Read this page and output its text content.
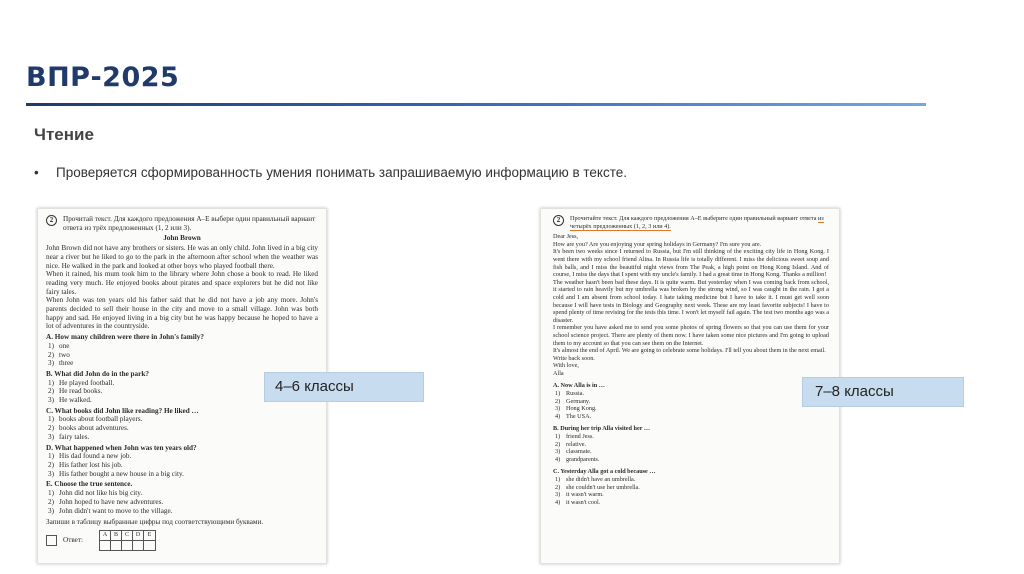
ВПР-2025
Чтение
•	Проверяется сформированность умения понимать запрашиваемую информацию в тексте.
2	Прочитай текст. Для каждого предложения A–E выбери один правильный вариант ответа из трёх предложенных (1, 2 или 3).
John Brown
John Brown did not have any brothers or sisters. He was an only child. John lived in a big city near a river but he liked to go to the park in the afternoon after school when the weather was nice. He walked in the park and looked at other boys who played football there.
When it rained, his mum took him to the library where John chose a book to read. He liked reading very much. He enjoyed books about pirates and space explorers but he did not like fairy tales.
When John was ten years old his father said that he did not have a job any more. John's parents decided to sell their house in the city and move to a small village. John was both happy and sad. He enjoyed living in a big city but he was happy because he hoped to have a lot of adventures in the countryside.
A. How many children were there in John's family?
1) one
2) two
3) three
B. What did John do in the park?
1) He played football.
2) He read books.
3) He walked.
C. What books did John like reading? He liked …
1) books about football players.
2) books about adventures.
3) fairy tales.
D. What happened when John was ten years old?
1) His dad found a new job.
2) His father lost his job.
3) His father bought a new house in a big city.
E. Choose the true sentence.
1) John did not like his big city.
2) John hoped to have new adventures.
3) John didn't want to move to the village.
Запиши в таблицу выбранные цифры под соответствующими буквами.
Ответ:
A	B	C	D	E
2	Прочитайте текст. Для каждого предложения A–E выберите один правильный вариант ответа из четырёх предложенных (1, 2, 3 или 4).
Dear Jess,
How are you? Are you enjoying your spring holidays in Germany? I'm sure you are.
It's been two weeks since I returned to Russia, but I'm still thinking of the exciting city life in Hong Kong. I went there with my school friend Alina. In Russia life is totally different. I miss the delicious sweet soup and fish balls, and I miss the beautiful night views from The Peak, a high point on Hong Kong Island. And of course, I miss the days that I spent with my uncle's family. I had a great time in Hong Kong. Thanks a million!
The weather hasn't been bad these days. It is quite warm. But yesterday when I was coming back from school, it started to rain heavily but my umbrella was broken by the strong wind, so I was caught in the rain. I got a cold and I am absent from school today. I hate taking medicine but I have to take it. I must get well soon because I will have tests in Biology and Geography next week. These are my least favorite subjects! I have to spend plenty of time revising for the tests this time. I won't let myself fail again. The test two months ago was a disaster.
I remember you have asked me to send you some photos of spring flowers so that you can use them for your school science project. There are plenty of them now. I have taken some nice pictures and I'm going to upload them to my account so that you can see them on the Internet.
It's almost the end of April. We are going to celebrate some holidays. I'll tell you about them in the next email.
Write back soon.
With love,
Alla
A. Now Alla is in …
1) Russia.
2) Germany.
3) Hong Kong.
4) The USA.
B. During her trip Alla visited her …
1) friend Jess.
2) relative.
3) classmate.
4) grandparents.
C. Yesterday Alla got a cold because …
1) she didn't have an umbrella.
2) she couldn't use her umbrella.
3) it wasn't warm.
4) it wasn't cool.
4–6 классы	7–8 классы
